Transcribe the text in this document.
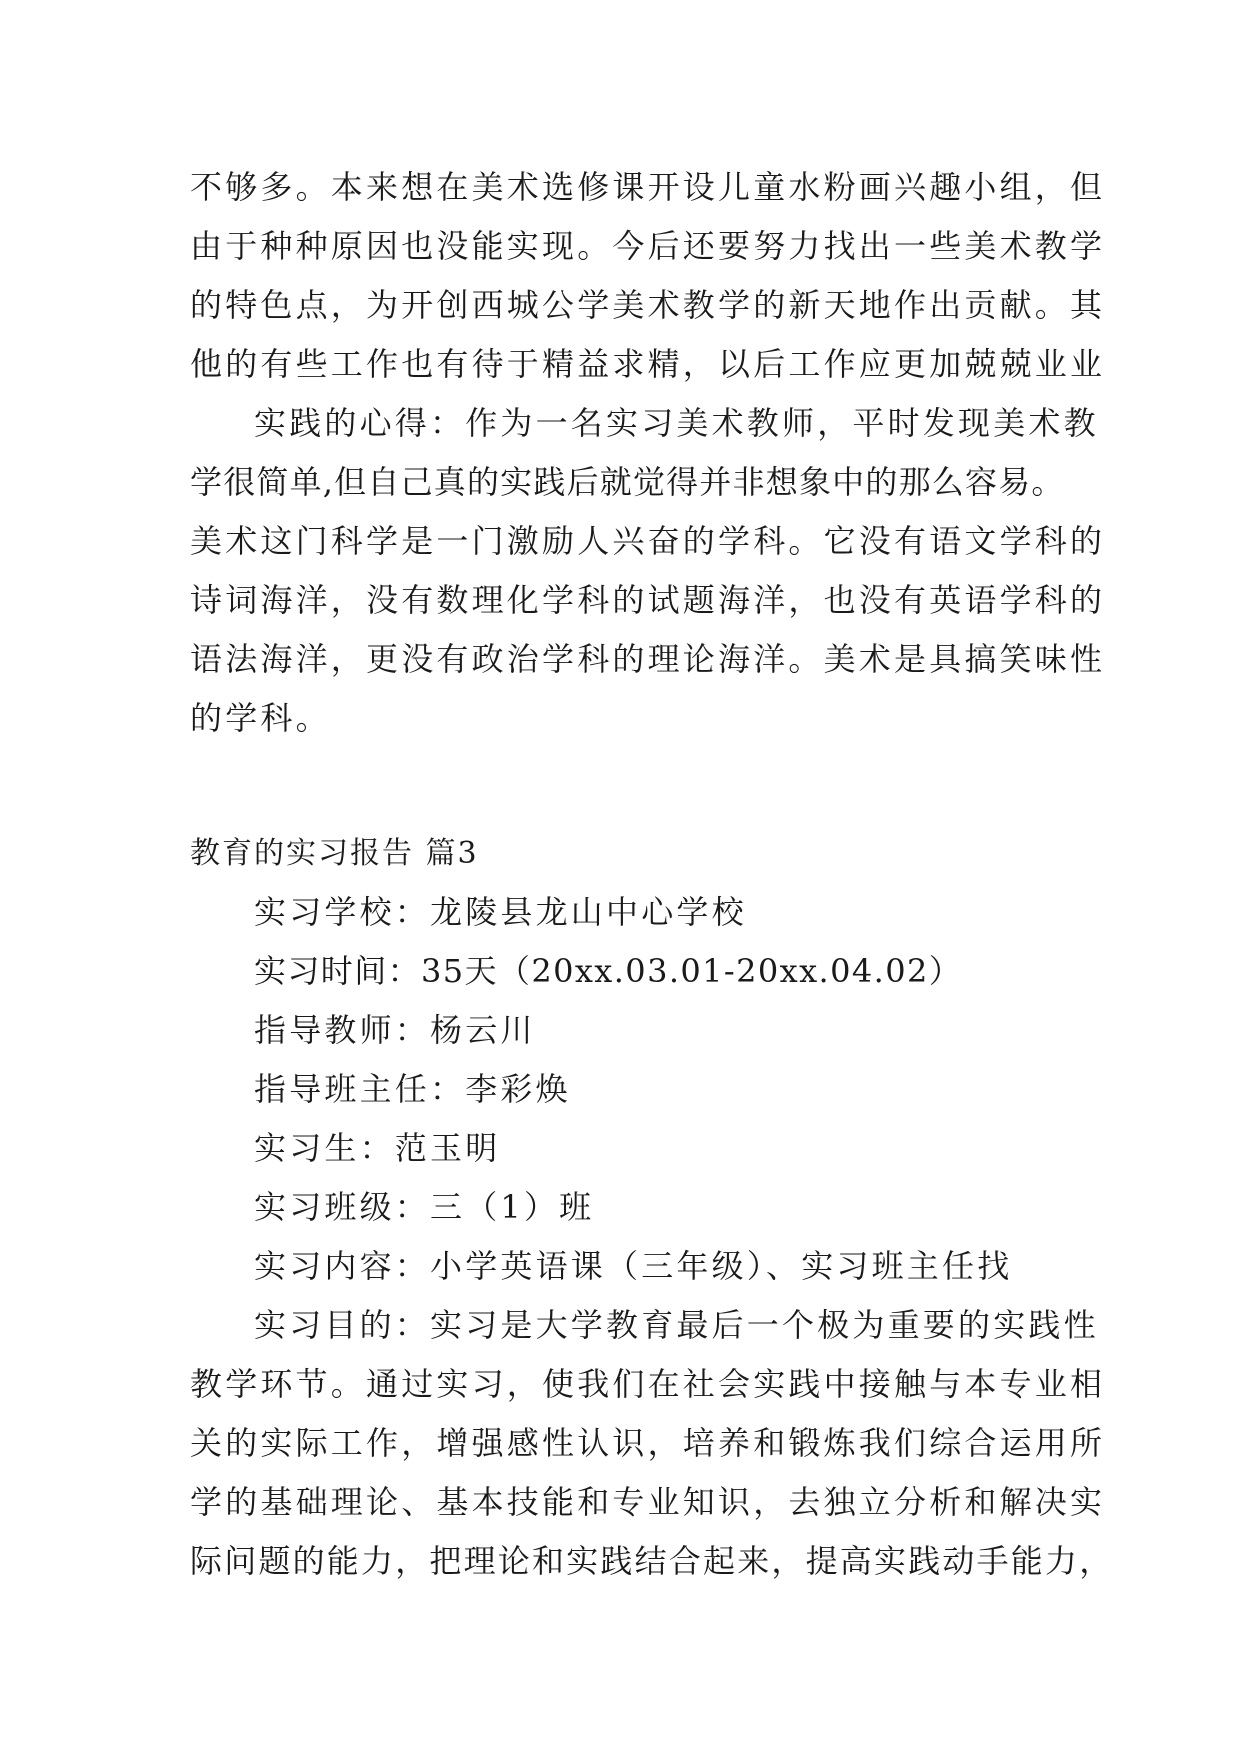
不够多。本来想在美术选修课开设儿童水粉画兴趣小组，但
由于种种原因也没能实现。今后还要努力找出一些美术教学
的特色点，为开创西城公学美术教学的新天地作出贡献。其
他的有些工作也有待于精益求精，以后工作应更加兢兢业业
实践的心得：作为一名实习美术教师，平时发现美术教
学很简单,但自己真的实践后就觉得并非想象中的那么容易。
美术这门科学是一门激励人兴奋的学科。它没有语文学科的
诗词海洋，没有数理化学科的试题海洋，也没有英语学科的
语法海洋，更没有政治学科的理论海洋。美术是具搞笑味性
的学科。
教育的实习报告 篇3
实习学校：龙陵县龙山中心学校
实习时间：35天（20xx.03.01-20xx.04.02）
指导教师：杨云川
指导班主任：李彩焕
实习生：范玉明
实习班级：三（1）班
实习内容：小学英语课（三年级）、实习班主任找
实习目的：实习是大学教育最后一个极为重要的实践性
教学环节。通过实习，使我们在社会实践中接触与本专业相
关的实际工作，增强感性认识，培养和锻炼我们综合运用所
学的基础理论、基本技能和专业知识，去独立分析和解决实
际问题的能力，把理论和实践结合起来，提高实践动手能力，
